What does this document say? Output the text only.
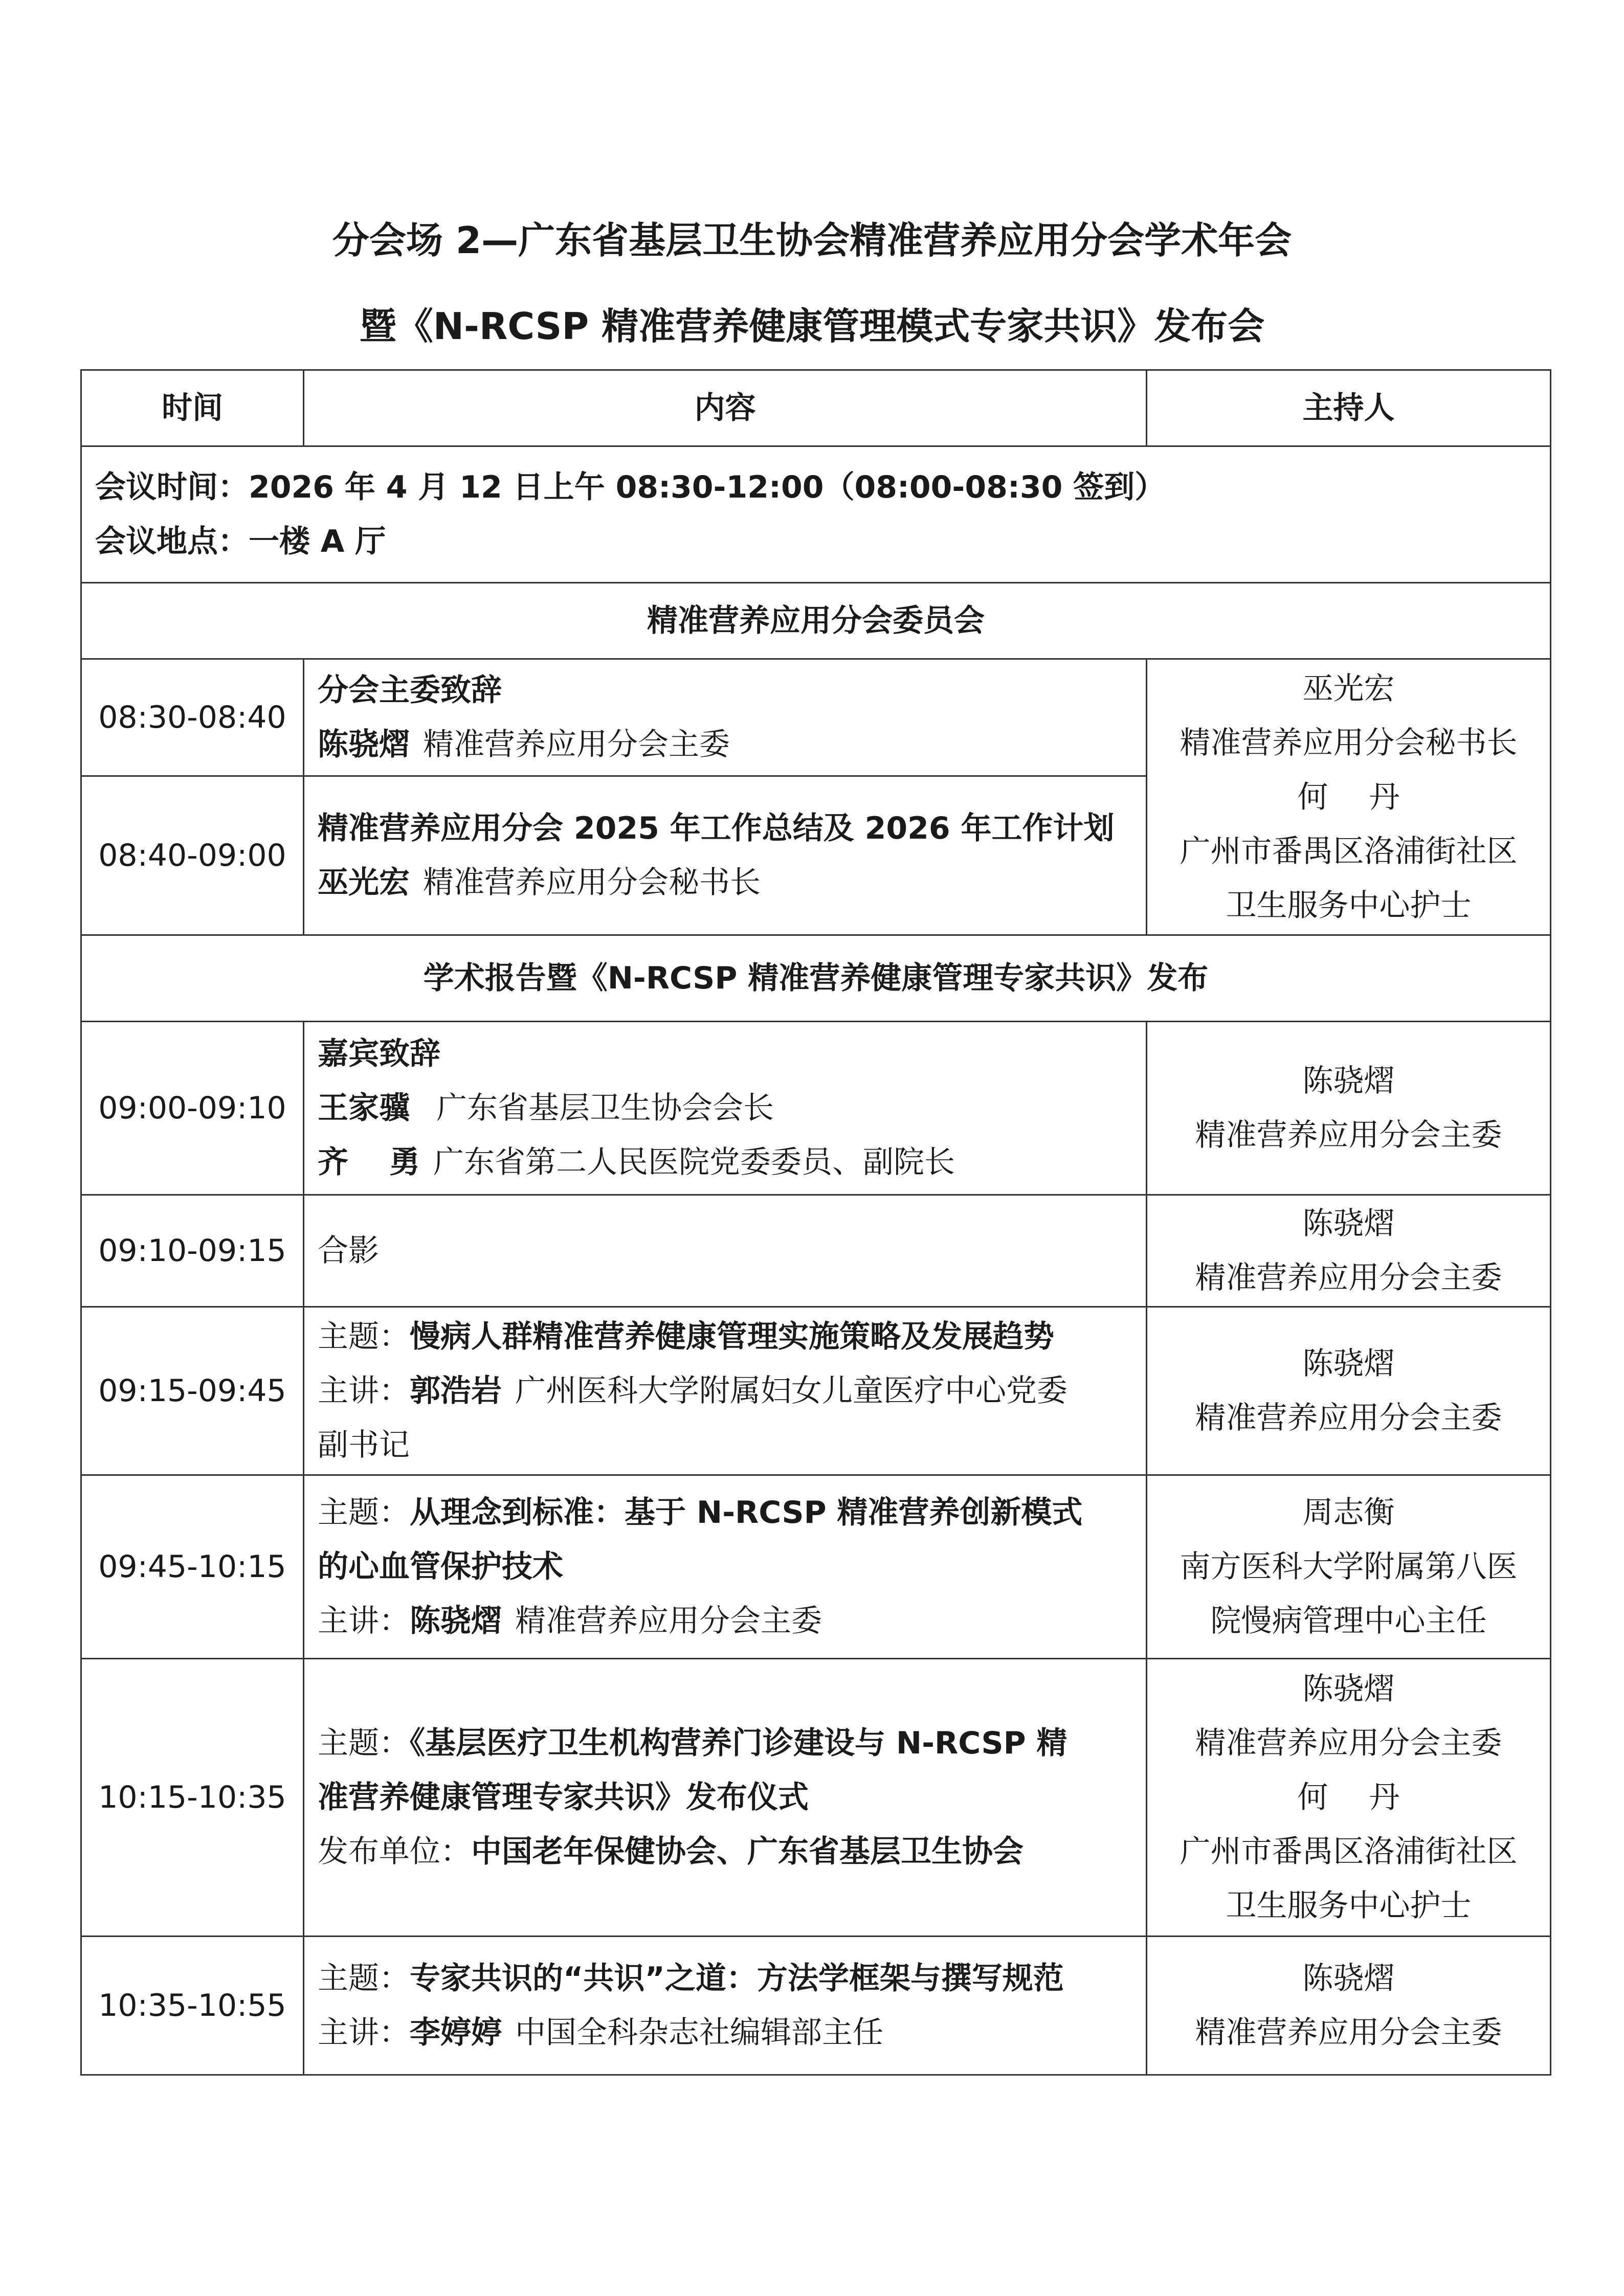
分会场 2—广东省基层卫生协会精准营养应用分会学术年会
暨《N-RCSP 精准营养健康管理模式专家共识》发布会
时间	内容	主持人

会议时间：2026 年 4 月 12 日上午 08:30-12:00（08:00-08:30 签到）
会议地点：一楼 A 厅		

精准营养应用分会委员会		
08:30-08:40	分会主委致辞
陈骁熠 精准营养应用分会主委	巫光宏
精准营养应用分会秘书长
何 丹
广州市番禺区洛浦街社区
卫生服务中心护士

08:40-09:00	精准营养应用分会 2025 年工作总结及 2026 年工作计划
巫光宏 精准营养应用分会秘书长	

学术报告暨《N-RCSP 精准营养健康管理专家共识》发布		
09:00-09:10	嘉宾致辞
王家骥 广东省基层卫生协会会长
齐 勇 广东省第二人民医院党委委员、副院长	陈骁熠
精准营养应用分会主委

09:10-09:15	合影	陈骁熠
精准营养应用分会主委

09:15-09:45	主题：慢病人群精准营养健康管理实施策略及发展趋势
主讲：郭浩岩 广州医科大学附属妇女儿童医疗中心党委
副书记	陈骁熠
精准营养应用分会主委

09:45-10:15	主题：从理念到标准：基于 N-RCSP 精准营养创新模式
的心血管保护技术
主讲：陈骁熠 精准营养应用分会主委	周志衡
南方医科大学附属第八医
院慢病管理中心主任

10:15-10:35	主题：《基层医疗卫生机构营养门诊建设与 N-RCSP 精
准营养健康管理专家共识》发布仪式
发布单位：中国老年保健协会、广东省基层卫生协会	陈骁熠
精准营养应用分会主委
何 丹
广州市番禺区洛浦街社区
卫生服务中心护士

10:35-10:55	主题：专家共识的“共识”之道：方法学框架与撰写规范
主讲：李婷婷 中国全科杂志社编辑部主任	陈骁熠
精准营养应用分会主委
